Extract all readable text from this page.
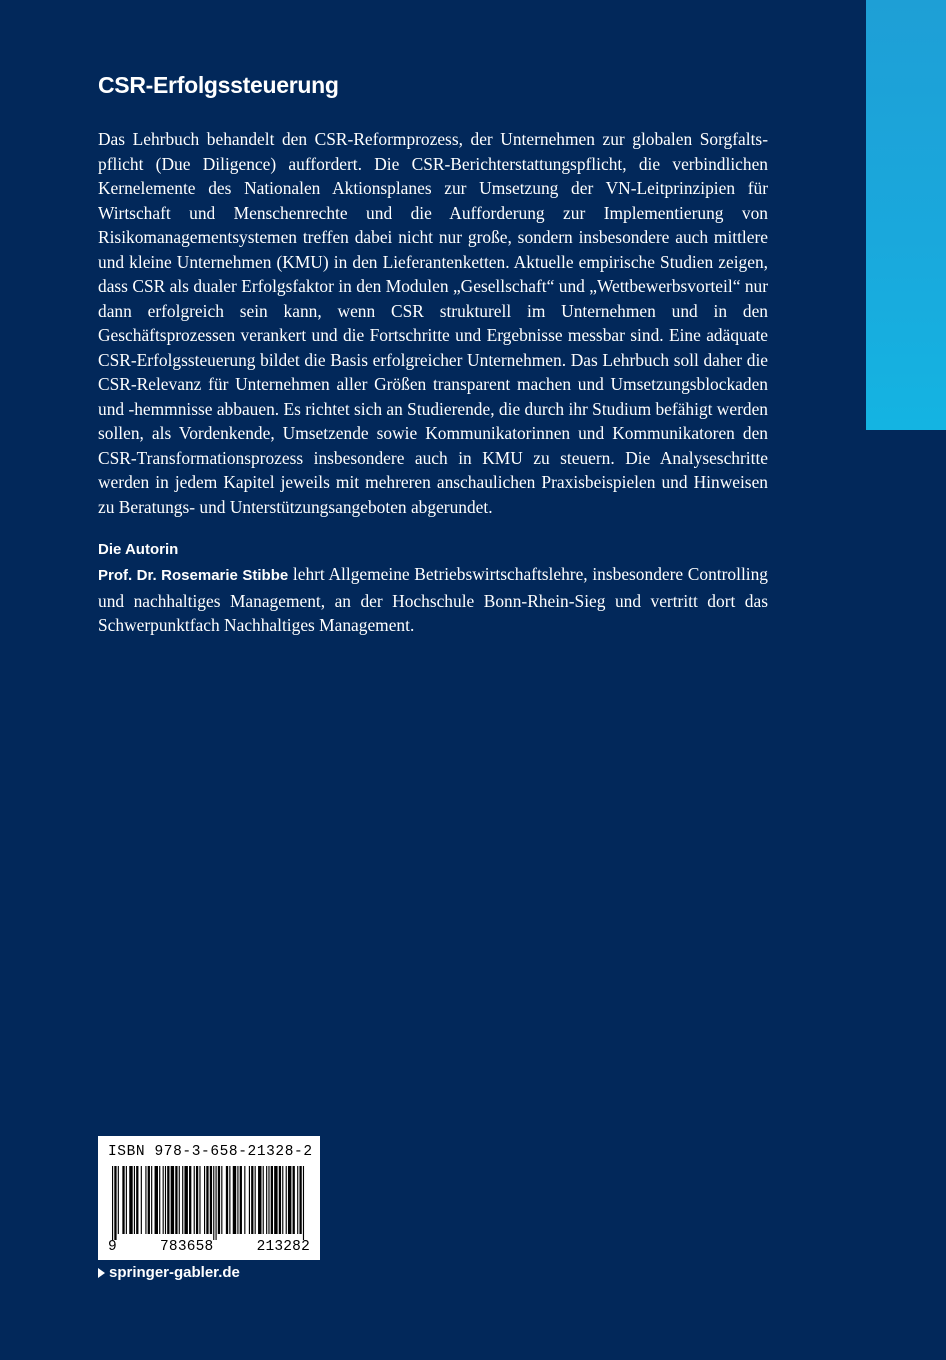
CSR-Erfolgssteuerung

Das Lehrbuch behandelt den CSR-Reformprozess, der Unternehmen zur globalen Sorgfaltspflicht (Due Diligence) auffordert. Die CSR-Berichterstattungspflicht, die verbindlichen Kernelemente des Nationalen Aktionsplanes zur Umsetzung der VN-Leitprinzipien für Wirtschaft und Menschenrechte und die Aufforderung zur Implementierung von Risikomanagementsystemen treffen dabei nicht nur große, sondern insbesondere auch mittlere und kleine Unternehmen (KMU) in den Lieferantenketten. Aktuelle empirische Studien zeigen, dass CSR als dualer Erfolgsfaktor in den Modulen „Gesellschaft“ und „Wettbewerbsvorteil“ nur dann erfolgreich sein kann, wenn CSR strukturell im Unternehmen und in den Geschäftsprozessen verankert und die Fortschritte und Ergebnisse messbar sind. Eine adäquate CSR-Erfolgssteuerung bildet die Basis erfolgreicher Unternehmen. Das Lehrbuch soll daher die CSR-Relevanz für Unternehmen aller Größen transparent machen und Umsetzungsblockaden und -hemmnisse abbauen. Es richtet sich an Studierende, die durch ihr Studium befähigt werden sollen, als Vordenkende, Umsetzende sowie Kommunikatorinnen und Kommunikatoren den CSR-Transformationsprozess insbesondere auch in KMU zu steuern. Die Analyseschritte werden in jedem Kapitel jeweils mit mehreren anschaulichen Praxisbeispielen und Hinweisen zu Beratungs- und Unterstützungsangeboten abgerundet.

Die Autorin

Prof. Dr. Rosemarie Stibbe lehrt Allgemeine Betriebswirtschaftslehre, insbesondere Controlling und nachhaltiges Management, an der Hochschule Bonn-Rhein-Sieg und vertritt dort das Schwerpunktfach Nachhaltiges Management.

ISBN 978-3-658-21328-2
9	783658	213282
springer-gabler.de
